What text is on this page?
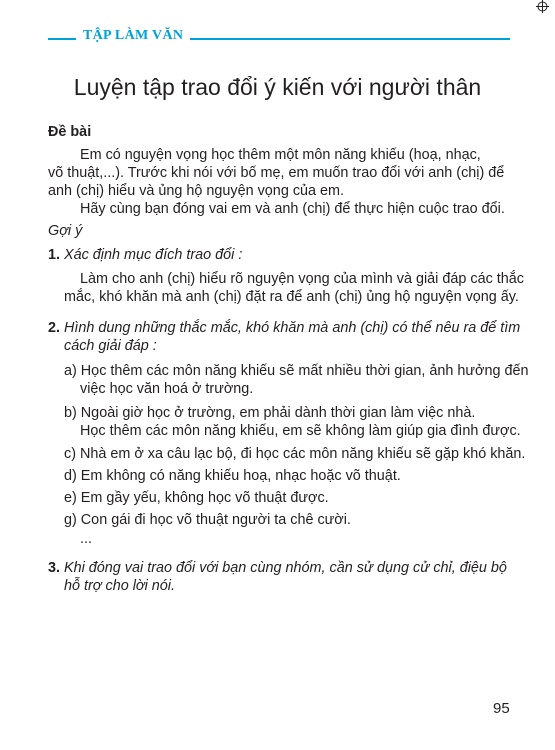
TẬP LÀM VĂN
Luyện tập trao đổi ý kiến với người thân
Đề bài
Em có nguyện vọng học thêm một môn năng khiếu (hoạ, nhạc,
võ thuật,...). Trước khi nói với bố mẹ, em muốn trao đổi với anh (chị) để
anh (chị) hiểu và ủng hộ nguyện vọng của em.
Hãy cùng bạn đóng vai em và anh (chị) để thực hiện cuộc trao đổi.
Gợi ý
1. Xác định mục đích trao đổi :
Làm cho anh (chị) hiểu rõ nguyện vọng của mình và giải đáp các thắc
mắc, khó khăn mà anh (chị) đặt ra để anh (chị) ủng hộ nguyện vọng ấy.
2. Hình dung những thắc mắc, khó khăn mà anh (chị) có thể nêu ra để tìm
cách giải đáp :
a) Học thêm các môn năng khiếu sẽ mất nhiều thời gian, ảnh hưởng đến
việc học văn hoá ở trường.
b) Ngoài giờ học ở trường, em phải dành thời gian làm việc nhà.
Học thêm các môn năng khiếu, em sẽ không làm giúp gia đình được.
c) Nhà em ở xa câu lạc bộ, đi học các môn năng khiếu sẽ gặp khó khăn.
d) Em không có năng khiếu hoạ, nhạc hoặc võ thuật.
e) Em gầy yếu, không học võ thuật được.
g) Con gái đi học võ thuật người ta chê cười.
...
3. Khi đóng vai trao đổi với bạn cùng nhóm, cần sử dụng cử chỉ, điệu bộ
hỗ trợ cho lời nói.
95
